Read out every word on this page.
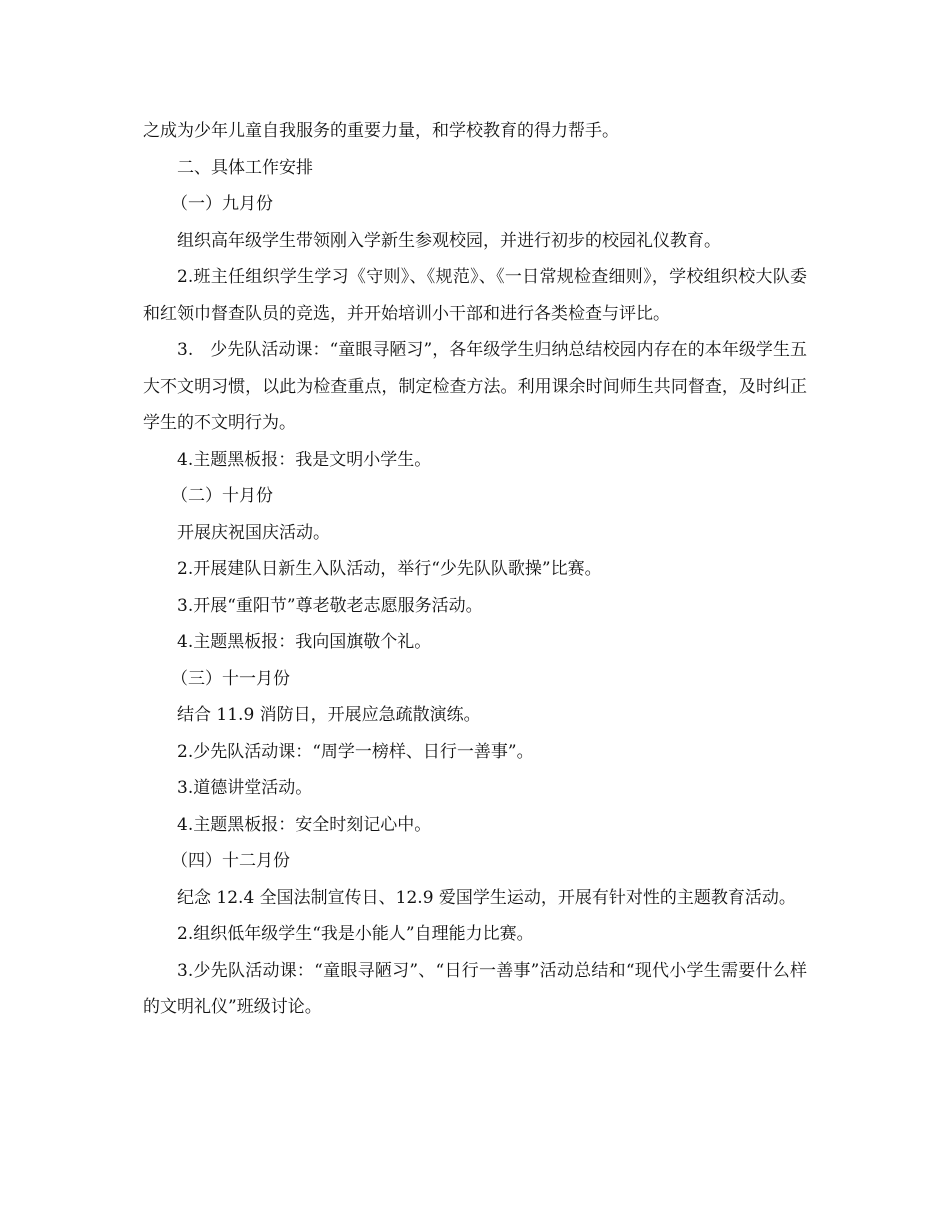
之成为少年儿童自我服务的重要力量，和学校教育的得力帮手。

二、具体工作安排

（一）九月份

组织高年级学生带领刚入学新生参观校园，并进行初步的校园礼仪教育。

2.班主任组织学生学习《守则》、《规范》、《一日常规检查细则》，学校组织校大队委和红领巾督查队员的竞选，并开始培训小干部和进行各类检查与评比。

3.　少先队活动课：“童眼寻陋习”，各年级学生归纳总结校园内存在的本年级学生五大不文明习惯，以此为检查重点，制定检查方法。利用课余时间师生共同督查，及时纠正学生的不文明行为。

4.主题黑板报：我是文明小学生。

（二）十月份

开展庆祝国庆活动。

2.开展建队日新生入队活动，举行“少先队队歌操”比赛。

3.开展“重阳节”尊老敬老志愿服务活动。

4.主题黑板报：我向国旗敬个礼。

（三）十一月份

结合 11.9 消防日，开展应急疏散演练。

2.少先队活动课：“周学一榜样、日行一善事”。

3.道德讲堂活动。

4.主题黑板报：安全时刻记心中。

（四）十二月份

纪念 12.4 全国法制宣传日、12.9 爱国学生运动，开展有针对性的主题教育活动。

2.组织低年级学生“我是小能人”自理能力比赛。

3.少先队活动课：“童眼寻陋习”、“日行一善事”活动总结和“现代小学生需要什么样的文明礼仪”班级讨论。
